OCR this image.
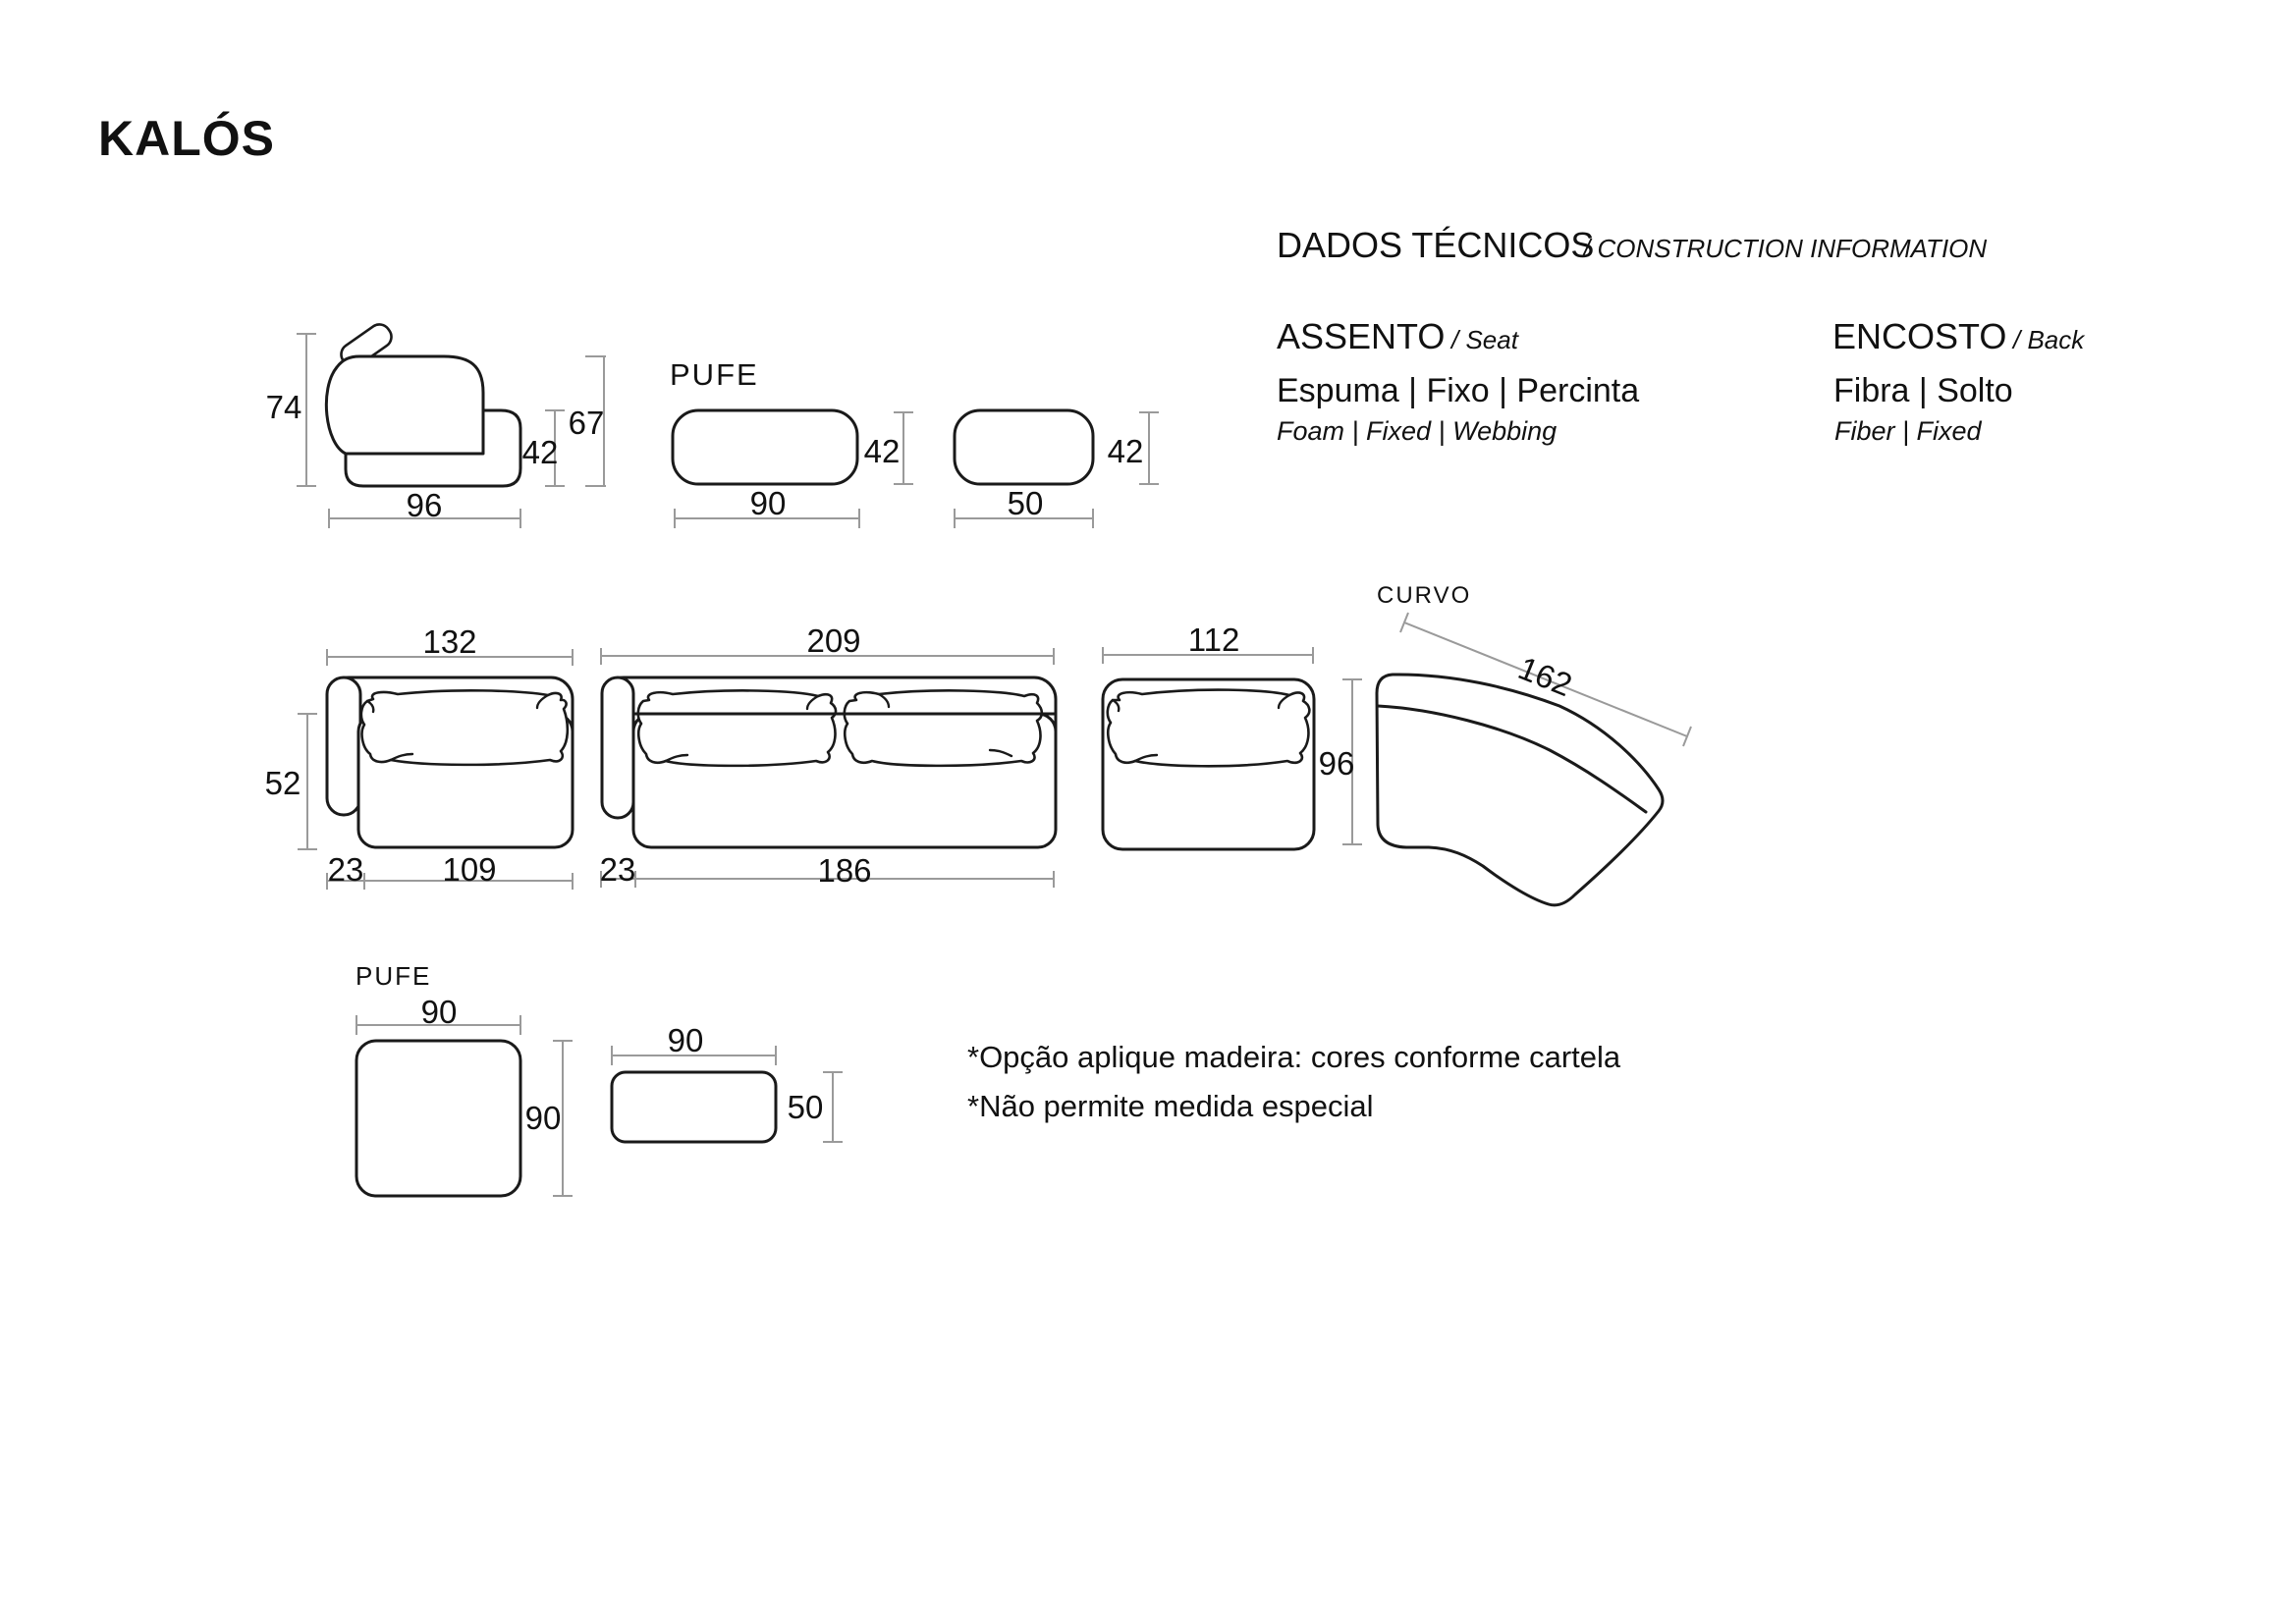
KALÓS
DADOS TÉCNICOS
/ CONSTRUCTION INFORMATION
ASSENTO / Seat
Espuma | Fixo | Percinta
Foam | Fixed | Webbing
ENCOSTO / Back
Fibra | Solto
Fiber | Fixed
PUFE
PUFE
CURVO
*Opção aplique madeira: cores conforme cartela
*Não permite medida especial
74
42
67
96	90
42
50
42
132	209	112
52
23 109	23	186
96
162
90
90
90
50
